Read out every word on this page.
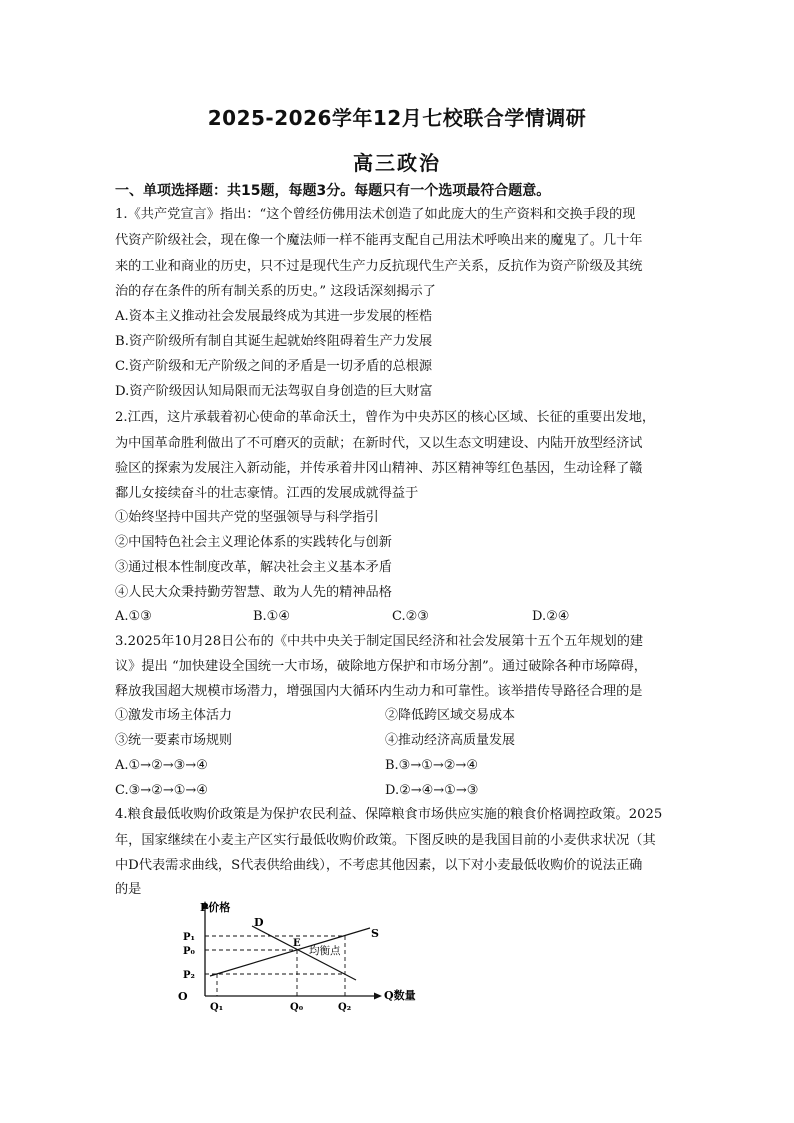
2025-2026学年12月七校联合学情调研
高三政治
一、单项选择题：共15题，每题3分。每题只有一个选项最符合题意。
1.《共产党宣言》指出：“这个曾经仿佛用法术创造了如此庞大的生产资料和交换手段的现
代资产阶级社会，现在像一个魔法师一样不能再支配自己用法术呼唤出来的魔鬼了。几十年
来的工业和商业的历史，只不过是现代生产力反抗现代生产关系，反抗作为资产阶级及其统
治的存在条件的所有制关系的历史。” 这段话深刻揭示了
A.资本主义推动社会发展最终成为其进一步发展的桎梏
B.资产阶级所有制自其诞生起就始终阻碍着生产力发展
C.资产阶级和无产阶级之间的矛盾是一切矛盾的总根源
D.资产阶级因认知局限而无法驾驭自身创造的巨大财富
2.江西，这片承载着初心使命的革命沃土，曾作为中央苏区的核心区域、长征的重要出发地，
为中国革命胜利做出了不可磨灭的贡献；在新时代，又以生态文明建设、内陆开放型经济试
验区的探索为发展注入新动能，并传承着井冈山精神、苏区精神等红色基因，生动诠释了赣
鄱儿女接续奋斗的壮志豪情。江西的发展成就得益于
①始终坚持中国共产党的坚强领导与科学指引
②中国特色社会主义理论体系的实践转化与创新
③通过根本性制度改革，解决社会主义基本矛盾
④人民大众秉持勤劳智慧、敢为人先的精神品格
A.①③	B.①④	C.②③	D.②④
3.2025年10月28日公布的《中共中央关于制定国民经济和社会发展第十五个五年规划的建
议》提出 “加快建设全国统一大市场，破除地方保护和市场分割”。通过破除各种市场障碍，
释放我国超大规模市场潜力，增强国内大循环内生动力和可靠性。该举措传导路径合理的是
①激发市场主体活力	②降低跨区域交易成本
③统一要素市场规则	④推动经济高质量发展
A.①→②→③→④	B.③→①→②→④
C.③→②→①→④	D.②→④→①→③
4.粮食最低收购价政策是为保护农民利益、保障粮食市场供应实施的粮食价格调控政策。2025
年，国家继续在小麦主产区实行最低收购价政策。下图反映的是我国目前的小麦供求状况（其
中D代表需求曲线，S代表供给曲线），不考虑其他因素，以下对小麦最低收购价的说法正确
的是
P价格
Q数量
O
D
S
P₁
P₀
P₂
Q₁	Q₀	Q₂
E
均衡点
